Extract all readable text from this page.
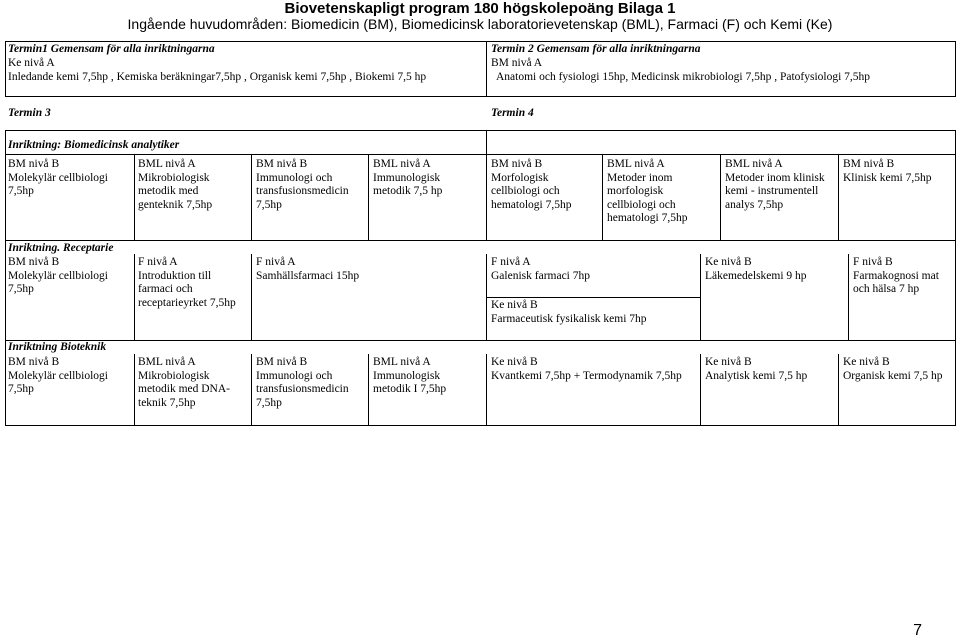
Biovetenskapligt program 180 högskolepoäng Bilaga 1
Ingående huvudområden: Biomedicin (BM), Biomedicinsk laboratorievetenskap (BML), Farmaci (F) och Kemi (Ke)
Termin1 Gemensam för alla inriktningarna
Ke nivå A
Inledande kemi 7,5hp , Kemiska beräkningar7,5hp , Organisk kemi 7,5hp , Biokemi 7,5 hp
Termin 2 Gemensam för alla inriktningarna
BM nivå A
Anatomi och fysiologi 15hp, Medicinsk mikrobiologi 7,5hp , Patofysiologi 7,5hp
Termin 3	Termin 4
Inriktning: Biomedicinsk analytiker
BM nivå B
Molekylär cellbiologi
7,5hp
BML nivå A
Mikrobiologisk
metodik med
genteknik 7,5hp
BM nivå B
Immunologi och
transfusionsmedicin
7,5hp
BML nivå A
Immunologisk
metodik 7,5 hp
BM nivå B
Morfologisk
cellbiologi och
hematologi 7,5hp
BML nivå A
Metoder inom
morfologisk
cellbiologi och
hematologi 7,5hp
BML nivå A
Metoder inom klinisk
kemi - instrumentell
analys 7,5hp
BM nivå B
Klinisk kemi 7,5hp
Inriktning. Receptarie
BM nivå B
Molekylär cellbiologi
7,5hp
F nivå A
Introduktion till
farmaci och
receptarieyrket 7,5hp
F nivå A
Samhällsfarmaci 15hp
F nivå A
Galenisk farmaci 7hp
Ke nivå B
Farmaceutisk fysikalisk kemi 7hp
Ke nivå B
Läkemedelskemi 9 hp
F nivå B
Farmakognosi mat
och hälsa 7 hp
Inriktning Bioteknik
BM nivå B
Molekylär cellbiologi
7,5hp
BML nivå A
Mikrobiologisk
metodik med DNA-
teknik 7,5hp
BM nivå B
Immunologi och
transfusionsmedicin
7,5hp
BML nivå A
Immunologisk
metodik I 7,5hp
Ke nivå B
Kvantkemi 7,5hp + Termodynamik 7,5hp
Ke nivå B
Analytisk kemi 7,5 hp
Ke nivå B
Organisk kemi 7,5 hp
7
